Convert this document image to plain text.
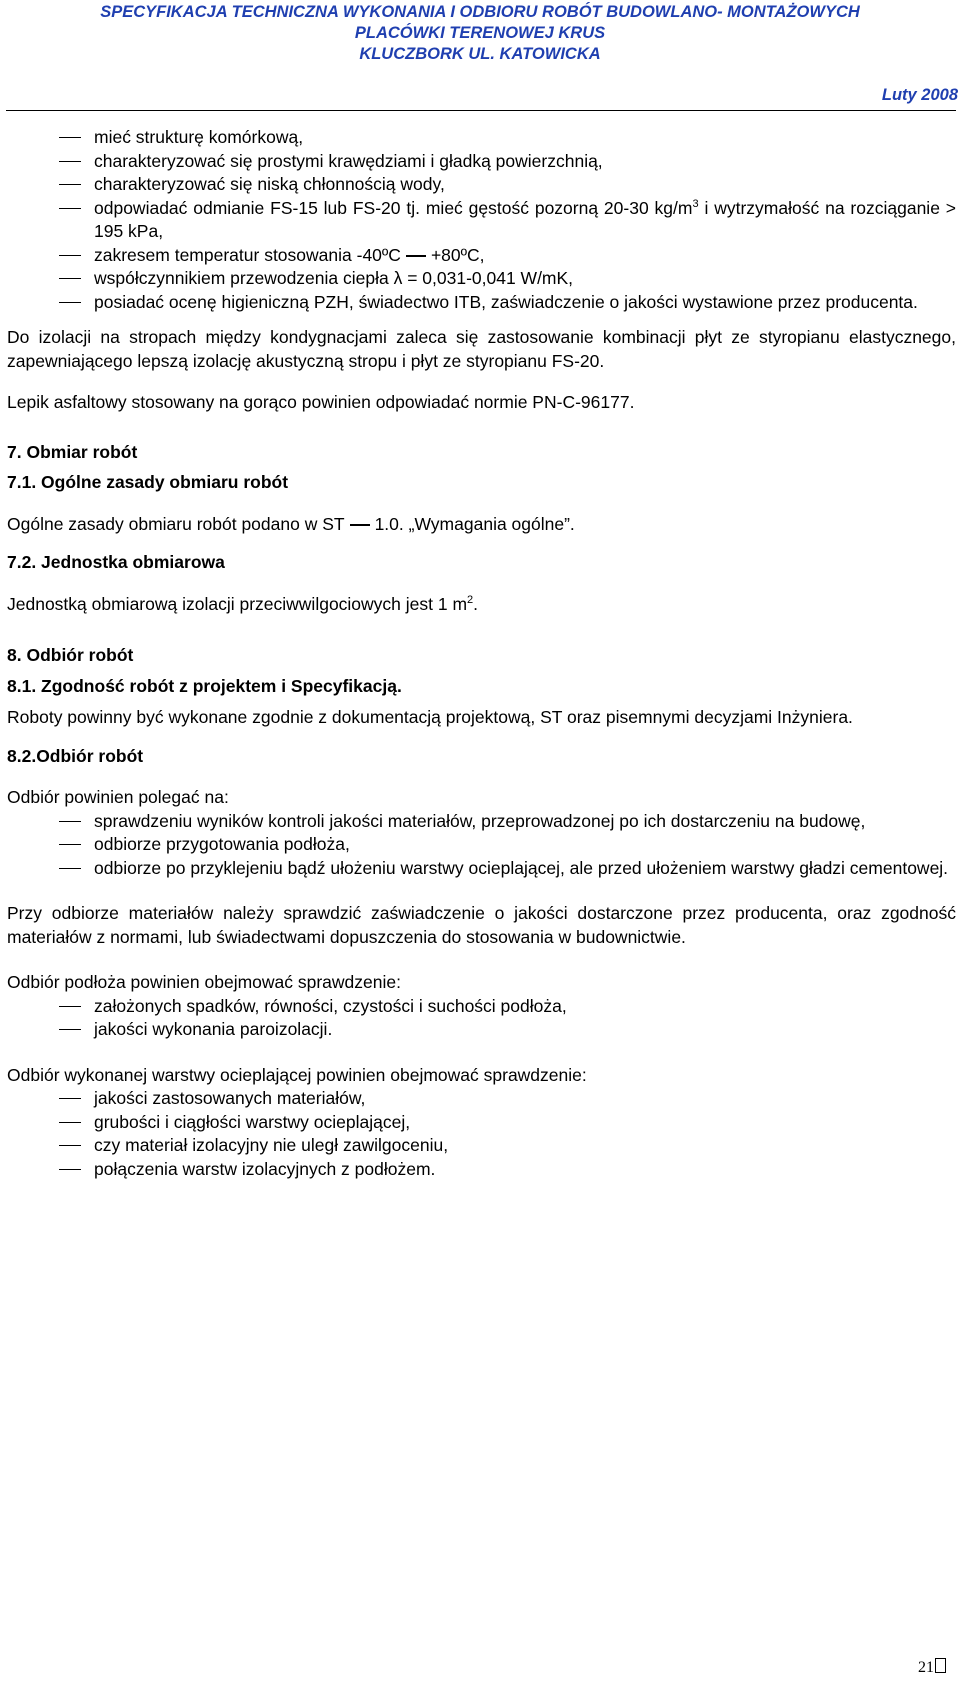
SPECYFIKACJA TECHNICZNA WYKONANIA I ODBIORU ROBÓT BUDOWLANO- MONTAŻOWYCH
PLACÓWKI TERENOWEJ KRUS
KLUCZBORK UL. KATOWICKA
Luty 2008
mieć strukturę komórkową,
charakteryzować się prostymi krawędziami i gładką powierzchnią,
charakteryzować się niską chłonnością wody,
odpowiadać odmianie FS-15 lub FS-20 tj. mieć gęstość pozorną 20-30 $kg/m^3$ i wytrzymałość na rozciąganie > 195 kPa,
zakresem temperatur stosowania -40ºC +80ºC,
współczynnikiem przewodzenia ciepła λ = 0,031-0,041 W/mK,
posiadać ocenę higieniczną PZH, świadectwo ITB, zaświadczenie o jakości wystawione przez producenta.

Do izolacji na stropach między kondygnacjami zaleca się zastosowanie kombinacji płyt ze styropianu elastycznego, zapewniającego lepszą izolację akustyczną stropu i płyt ze styropianu FS-20.

Lepik asfaltowy stosowany na gorąco powinien odpowiadać normie PN-C-96177.

7. Obmiar robót
7.1. Ogólne zasady obmiaru robót

Ogólne zasady obmiaru robót podano w ST 1.0. „Wymagania ogólne”.

7.2. Jednostka obmiarowa

Jednostką obmiarową izolacji przeciwwilgociowych jest 1 $m^2$.

8. Odbiór robót
8.1. Zgodność robót z projektem i Specyfikacją.

Roboty powinny być wykonane zgodnie z dokumentacją projektową, ST oraz pisemnymi decyzjami Inżyniera.

8.2.Odbiór robót

Odbiór powinien polegać na:

sprawdzeniu wyników kontroli jakości materiałów, przeprowadzonej po ich dostarczeniu na budowę,
odbiorze przygotowania podłoża,
odbiorze po przyklejeniu bądź ułożeniu warstwy ocieplającej, ale przed ułożeniem warstwy gładzi cementowej.

Przy odbiorze materiałów należy sprawdzić zaświadczenie o jakości dostarczone przez producenta, oraz zgodność materiałów z normami, lub świadectwami dopuszczenia do stosowania w budownictwie.

Odbiór podłoża powinien obejmować sprawdzenie:

założonych spadków, równości, czystości i suchości podłoża,
jakości wykonania paroizolacji.

Odbiór wykonanej warstwy ocieplającej powinien obejmować sprawdzenie:

jakości zastosowanych materiałów,
grubości i ciągłości warstwy ocieplającej,
czy materiał izolacyjny nie uległ zawilgoceniu,
połączenia warstw izolacyjnych z podłożem.
21
